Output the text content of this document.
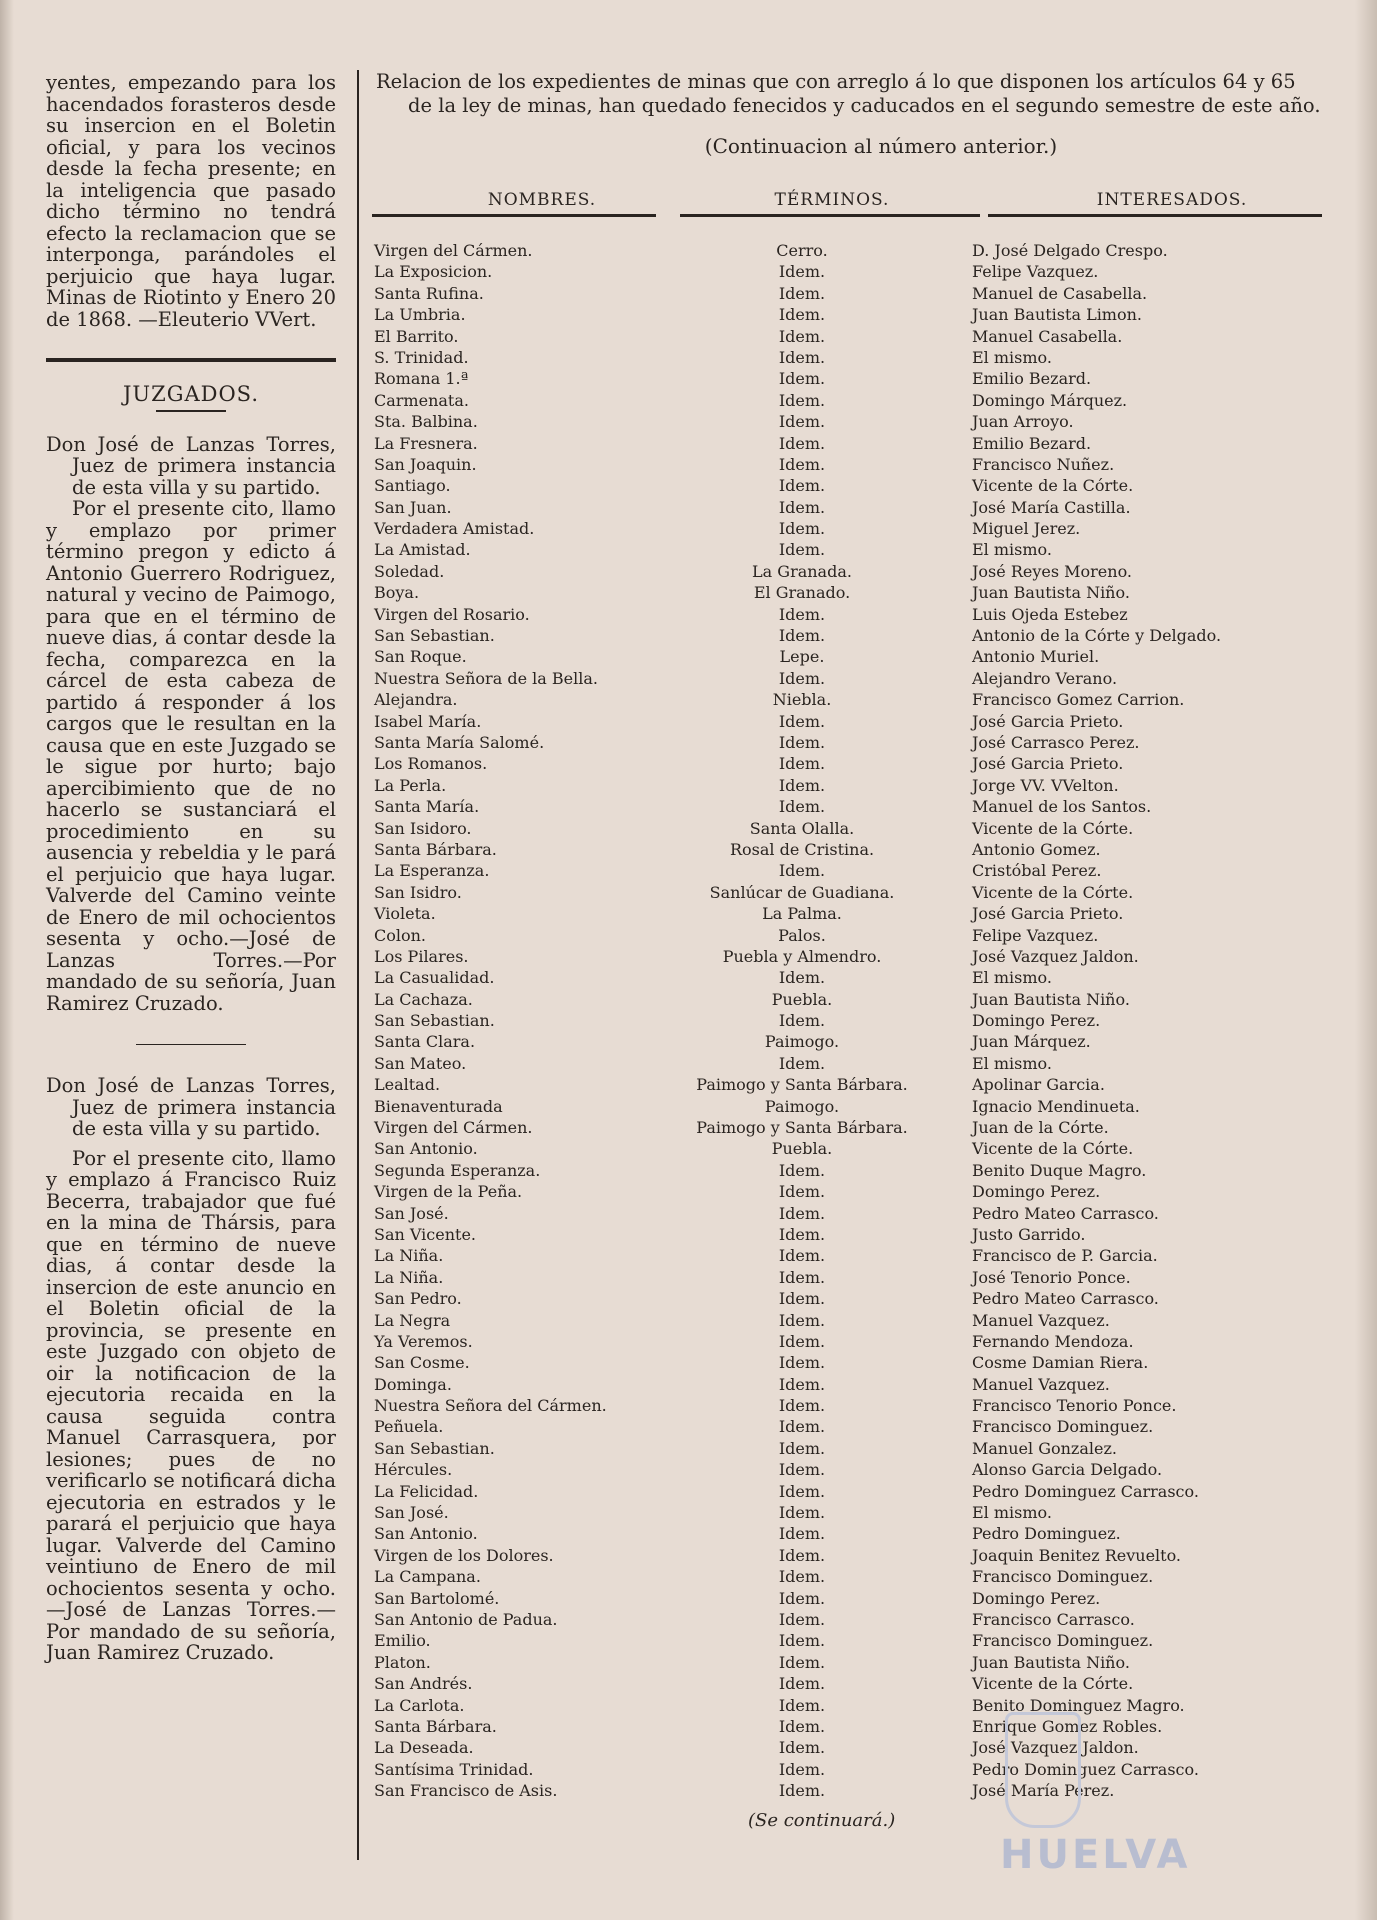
yentes, empezando para los hacendados forasteros desde su insercion en el Boletin oficial, y para los vecinos desde la fecha presente; en la inteligencia que pasado dicho término no tendrá efecto la reclamacion que se interponga, parándoles el perjuicio que haya lugar. Minas de Riotinto y Enero 20 de 1868. —Eleuterio VVert.

JUZGADOS.

Don José de Lanzas Torres, Juez de primera instancia de esta villa y su partido.

Por el presente cito, llamo y emplazo por primer término pregon y edicto á Antonio Guerrero Rodriguez, natural y vecino de Paimogo, para que en el término de nueve dias, á contar desde la fecha, comparezca en la cárcel de esta cabeza de partido á responder á los cargos que le resultan en la causa que en este Juzgado se le sigue por hurto; bajo apercibimiento que de no hacerlo se sustanciará el procedimiento en su ausencia y rebeldia y le pará el perjuicio que haya lugar. Valverde del Camino veinte de Enero de mil ochocientos sesenta y ocho.—José de Lanzas Torres.—Por mandado de su señoría, Juan Ramirez Cruzado.

Don José de Lanzas Torres, Juez de primera instancia de esta villa y su partido.

Por el presente cito, llamo y emplazo á Francisco Ruiz Becerra, trabajador que fué en la mina de Thársis, para que en término de nueve dias, á contar desde la insercion de este anuncio en el Boletin oficial de la provincia, se presente en este Juzgado con objeto de oir la notificacion de la ejecutoria recaida en la causa seguida contra Manuel Carrasquera, por lesiones; pues de no verificarlo se notificará dicha ejecutoria en estrados y le parará el perjuicio que haya lugar. Valverde del Camino veintiuno de Enero de mil ochocientos sesenta y ocho.—José de Lanzas Torres.—Por mandado de su señoría, Juan Ramirez Cruzado.

Relacion de los expedientes de minas que con arreglo á lo que disponen los artículos 64 y 65

de la ley de minas, han quedado fenecidos y caducados en el segundo semestre de este año.

(Continuacion al número anterior.)

NOMBRES.	TÉRMINOS.	INTERESADOS.
Virgen del Cármen.	Cerro.	D. José Delgado Crespo.
La Exposicion.	Idem.	Felipe Vazquez.
Santa Rufina.	Idem.	Manuel de Casabella.
La Umbria.	Idem.	Juan Bautista Limon.
El Barrito.	Idem.	Manuel Casabella.
S. Trinidad.	Idem.	El mismo.
Romana 1.ª	Idem.	Emilio Bezard.
Carmenata.	Idem.	Domingo Márquez.
Sta. Balbina.	Idem.	Juan Arroyo.
La Fresnera.	Idem.	Emilio Bezard.
San Joaquin.	Idem.	Francisco Nuñez.
Santiago.	Idem.	Vicente de la Córte.
San Juan.	Idem.	José María Castilla.
Verdadera Amistad.	Idem.	Miguel Jerez.
La Amistad.	Idem.	El mismo.
Soledad.	La Granada.	José Reyes Moreno.
Boya.	El Granado.	Juan Bautista Niño.
Virgen del Rosario.	Idem.	Luis Ojeda Estebez
San Sebastian.	Idem.	Antonio de la Córte y Delgado.
San Roque.	Lepe.	Antonio Muriel.
Nuestra Señora de la Bella.	Idem.	Alejandro Verano.
Alejandra.	Niebla.	Francisco Gomez Carrion.
Isabel María.	Idem.	José Garcia Prieto.
Santa María Salomé.	Idem.	José Carrasco Perez.
Los Romanos.	Idem.	José Garcia Prieto.
La Perla.	Idem.	Jorge VV. VVelton.
Santa María.	Idem.	Manuel de los Santos.
San Isidoro.	Santa Olalla.	Vicente de la Córte.
Santa Bárbara.	Rosal de Cristina.	Antonio Gomez.
La Esperanza.	Idem.	Cristóbal Perez.
San Isidro.	Sanlúcar de Guadiana.	Vicente de la Córte.
Violeta.	La Palma.	José Garcia Prieto.
Colon.	Palos.	Felipe Vazquez.
Los Pilares.	Puebla y Almendro.	José Vazquez Jaldon.
La Casualidad.	Idem.	El mismo.
La Cachaza.	Puebla.	Juan Bautista Niño.
San Sebastian.	Idem.	Domingo Perez.
Santa Clara.	Paimogo.	Juan Márquez.
San Mateo.	Idem.	El mismo.
Lealtad.	Paimogo y Santa Bárbara.	Apolinar Garcia.
Bienaventurada	Paimogo.	Ignacio Mendinueta.
Virgen del Cármen.	Paimogo y Santa Bárbara.	Juan de la Córte.
San Antonio.	Puebla.	Vicente de la Córte.
Segunda Esperanza.	Idem.	Benito Duque Magro.
Virgen de la Peña.	Idem.	Domingo Perez.
San José.	Idem.	Pedro Mateo Carrasco.
San Vicente.	Idem.	Justo Garrido.
La Niña.	Idem.	Francisco de P. Garcia.
La Niña.	Idem.	José Tenorio Ponce.
San Pedro.	Idem.	Pedro Mateo Carrasco.
La Negra	Idem.	Manuel Vazquez.
Ya Veremos.	Idem.	Fernando Mendoza.
San Cosme.	Idem.	Cosme Damian Riera.
Dominga.	Idem.	Manuel Vazquez.
Nuestra Señora del Cármen.	Idem.	Francisco Tenorio Ponce.
Peñuela.	Idem.	Francisco Dominguez.
San Sebastian.	Idem.	Manuel Gonzalez.
Hércules.	Idem.	Alonso Garcia Delgado.
La Felicidad.	Idem.	Pedro Dominguez Carrasco.
San José.	Idem.	El mismo.
San Antonio.	Idem.	Pedro Dominguez.
Virgen de los Dolores.	Idem.	Joaquin Benitez Revuelto.
La Campana.	Idem.	Francisco Dominguez.
San Bartolomé.	Idem.	Domingo Perez.
San Antonio de Padua.	Idem.	Francisco Carrasco.
Emilio.	Idem.	Francisco Dominguez.
Platon.	Idem.	Juan Bautista Niño.
San Andrés.	Idem.	Vicente de la Córte.
La Carlota.	Idem.	Benito Dominguez Magro.
Santa Bárbara.	Idem.	Enrique Gomez Robles.
La Deseada.	Idem.	José Vazquez Jaldon.
Santísima Trinidad.	Idem.	Pedro Dominguez Carrasco.
San Francisco de Asis.	Idem.	José María Perez.
(Se continuará.)
HUELVA
